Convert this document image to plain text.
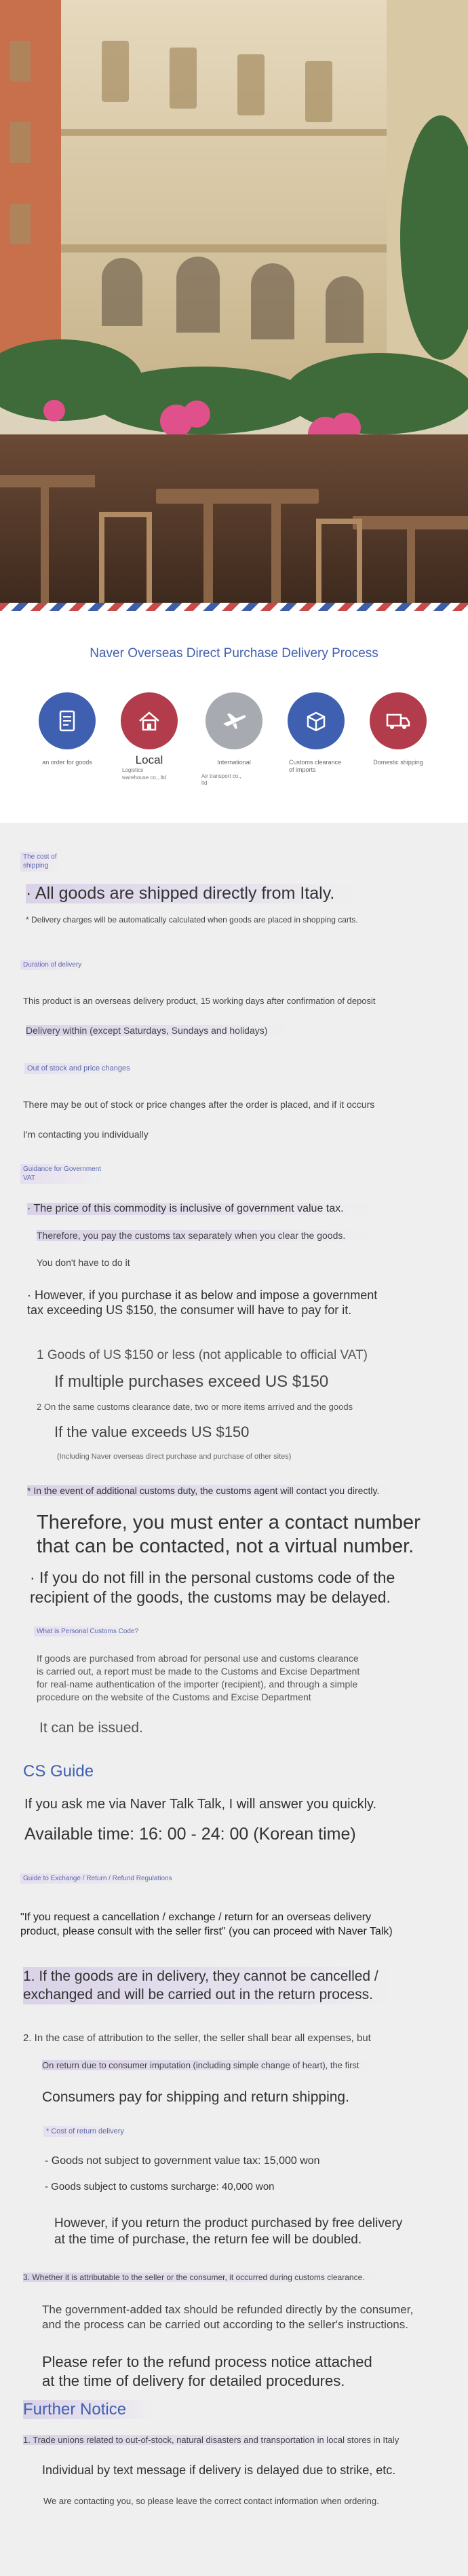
Naver Overseas Direct Purchase Delivery Process
an order for goods	Local
Logistics
warehouse co., ltd
International
Air transport co.,
ltd
Customs clearance
of imports
Domestic shipping
The cost of
shipping
· All goods are shipped directly from Italy.
* Delivery charges will be automatically calculated when goods are placed in shopping carts.
Duration of delivery
This product is an overseas delivery product, 15 working days after confirmation of deposit
Delivery within (except Saturdays, Sundays and holidays)
Out of stock and price changes
There may be out of stock or price changes after the order is placed, and if it occurs
I'm contacting you individually
Guidance for Government
VAT
· The price of this commodity is inclusive of government value tax.
Therefore, you pay the customs tax separately when you clear the goods.
You don't have to do it
· However, if you purchase it as below and impose a government
tax exceeding US $150, the consumer will have to pay for it.
1 Goods of US $150 or less (not applicable to official VAT)
If multiple purchases exceed US $150
2 On the same customs clearance date, two or more items arrived and the goods
If the value exceeds US $150
(Including Naver overseas direct purchase and purchase of other sites)
* In the event of additional customs duty, the customs agent will contact you directly.
Therefore, you must enter a contact number
that can be contacted, not a virtual number.
· If you do not fill in the personal customs code of the
recipient of the goods, the customs may be delayed.
What is Personal Customs Code?
If goods are purchased from abroad for personal use and customs clearance
is carried out, a report must be made to the Customs and Excise Department
for real-name authentication of the importer (recipient), and through a simple
procedure on the website of the Customs and Excise Department
It can be issued.
CS Guide
If you ask me via Naver Talk Talk, I will answer you quickly.
Available time: 16: 00 - 24: 00 (Korean time)
Guide to Exchange / Return / Refund Regulations
"If you request a cancellation / exchange / return for an overseas delivery
product, please consult with the seller first" (you can proceed with Naver Talk)
1. If the goods are in delivery, they cannot be cancelled /
exchanged and will be carried out in the return process.
2. In the case of attribution to the seller, the seller shall bear all expenses, but
On return due to consumer imputation (including simple change of heart), the first
Consumers pay for shipping and return shipping.
* Cost of return delivery
- Goods not subject to government value tax: 15,000 won
- Goods subject to customs surcharge: 40,000 won
However, if you return the product purchased by free delivery
at the time of purchase, the return fee will be doubled.
3. Whether it is attributable to the seller or the consumer, it occurred during customs clearance.
The government-added tax should be refunded directly by the consumer,
and the process can be carried out according to the seller's instructions.
Please refer to the refund process notice attached
at the time of delivery for detailed procedures.
Further Notice
1. Trade unions related to out-of-stock, natural disasters and transportation in local stores in Italy
Individual by text message if delivery is delayed due to strike, etc.
We are contacting you, so please leave the correct contact information when ordering.
